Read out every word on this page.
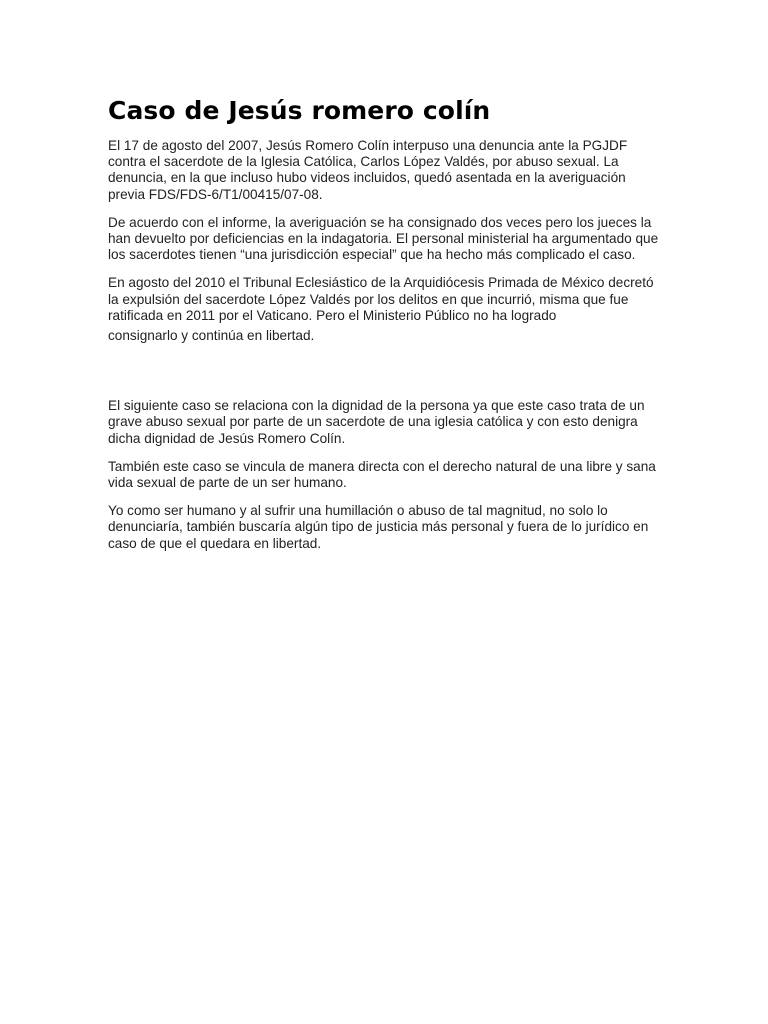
Caso de Jesús romero colín

El 17 de agosto del 2007, Jesús Romero Colín interpuso una denuncia ante la PGJDF contra el sacerdote de la Iglesia Católica, Carlos López Valdés, por abuso sexual. La denuncia, en la que incluso hubo videos incluidos, quedó asentada en la averiguación previa FDS/FDS-6/T1/00415/07-08.

De acuerdo con el informe, la averiguación se ha consignado dos veces pero los jueces la han devuelto por deficiencias en la indagatoria. El personal ministerial ha argumentado que los sacerdotes tienen “una jurisdicción especial” que ha hecho más complicado el caso.

En agosto del 2010 el Tribunal Eclesiástico de la Arquidiócesis Primada de México decretó la expulsión del sacerdote López Valdés por los delitos en que incurrió, misma que fue ratificada en 2011 por el Vaticano. Pero el Ministerio Público no ha logrado
consignarlo y continúa en libertad.

El siguiente caso se relaciona con la dignidad de la persona ya que este caso trata de un grave abuso sexual por parte de un sacerdote de una iglesia católica y con esto denigra dicha dignidad de Jesús Romero Colín.

También este caso se vincula de manera directa con el derecho natural de una libre y sana vida sexual de parte de un ser humano.

Yo como ser humano y al sufrir una humillación o abuso de tal magnitud, no solo lo denunciaría, también buscaría algún tipo de justicia más personal y fuera de lo jurídico en caso de que el quedara en libertad.
